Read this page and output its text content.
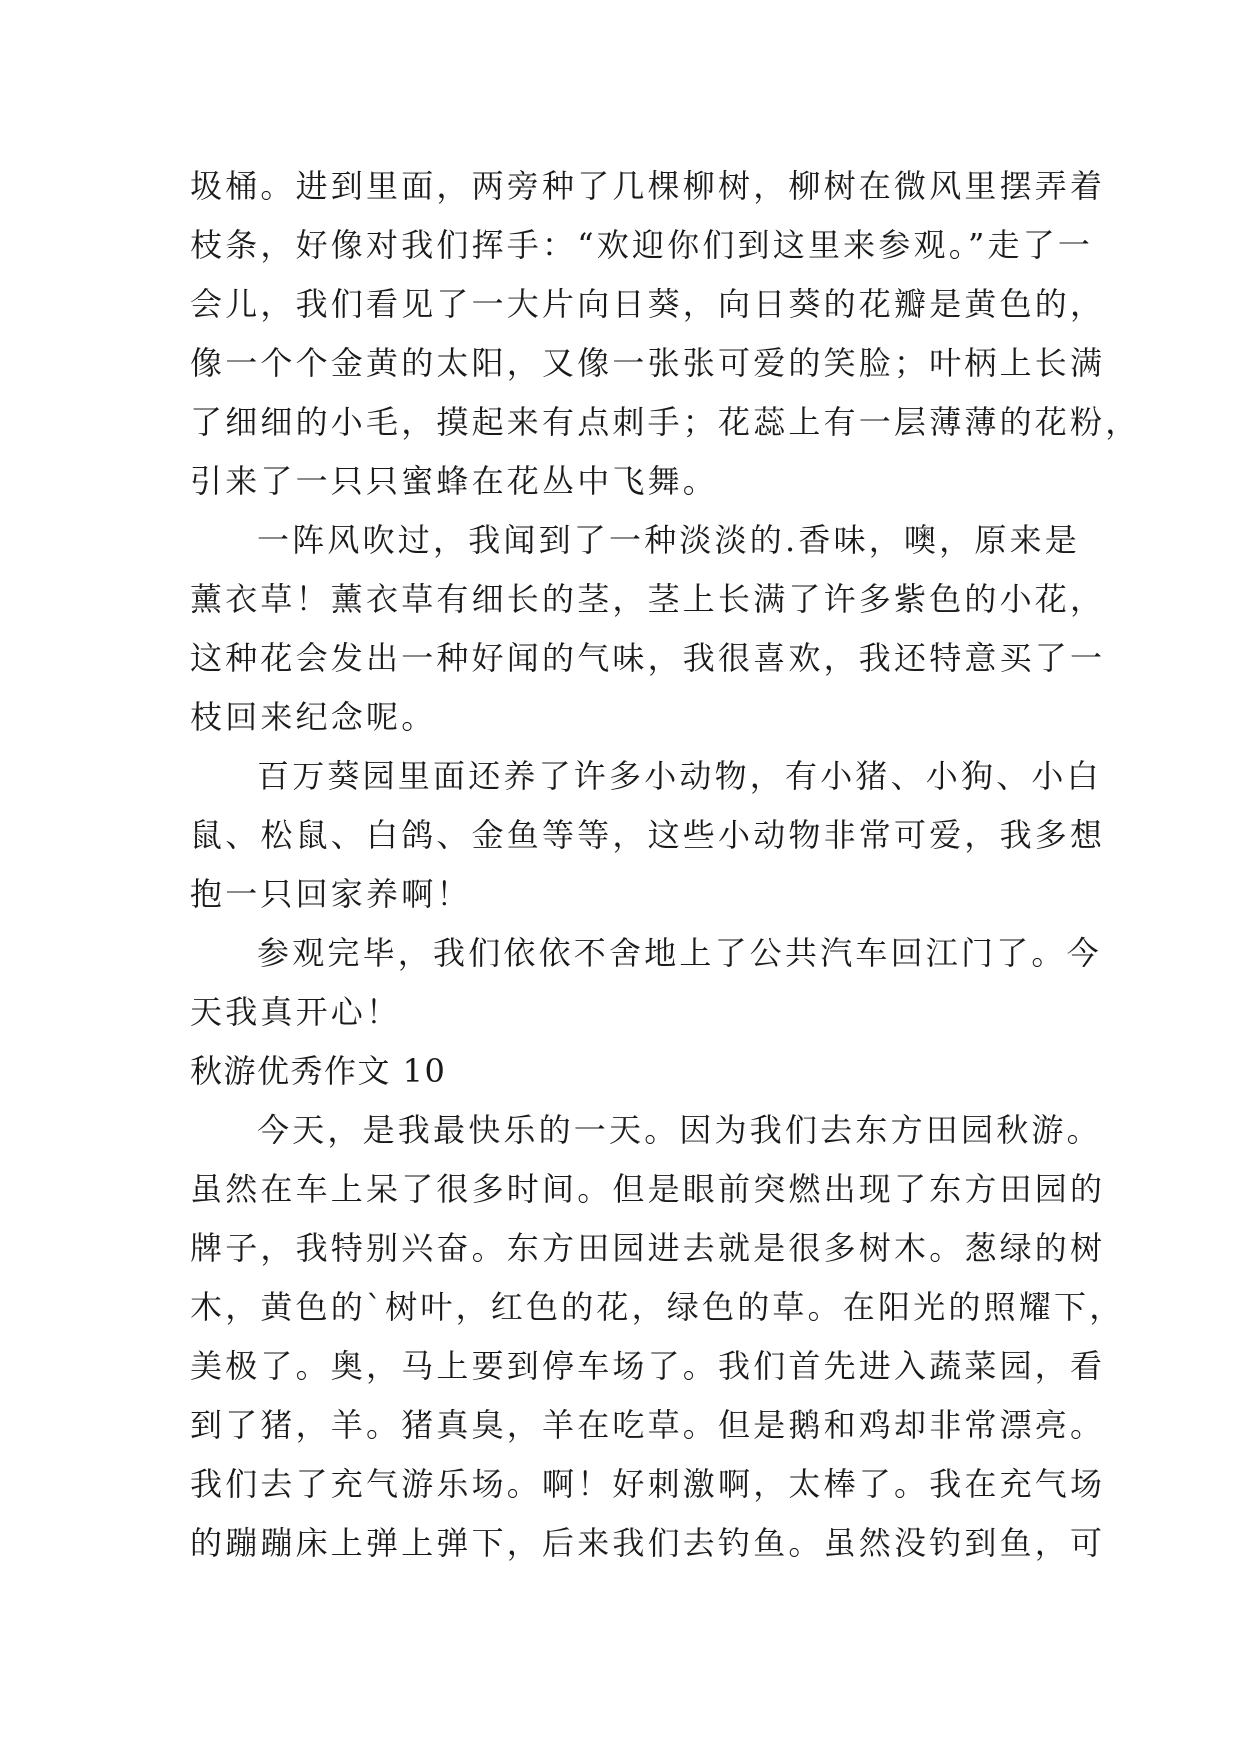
圾桶。进到里面，两旁种了几棵柳树，柳树在微风里摆弄着
枝条，好像对我们挥手：“欢迎你们到这里来参观。”走了一
会儿，我们看见了一大片向日葵，向日葵的花瓣是黄色的，
像一个个金黄的太阳，又像一张张可爱的笑脸；叶柄上长满
了细细的小毛，摸起来有点刺手；花蕊上有一层薄薄的花粉，
引来了一只只蜜蜂在花丛中飞舞。
一阵风吹过，我闻到了一种淡淡的.香味，噢，原来是
薰衣草！薰衣草有细长的茎，茎上长满了许多紫色的小花，
这种花会发出一种好闻的气味，我很喜欢，我还特意买了一
枝回来纪念呢。
百万葵园里面还养了许多小动物，有小猪、小狗、小白
鼠、松鼠、白鸽、金鱼等等，这些小动物非常可爱，我多想
抱一只回家养啊！
参观完毕，我们依依不舍地上了公共汽车回江门了。今
天我真开心！
秋游优秀作文 10
今天，是我最快乐的一天。因为我们去东方田园秋游。
虽然在车上呆了很多时间。但是眼前突燃出现了东方田园的
牌子，我特别兴奋。东方田园进去就是很多树木。葱绿的树
木，黄色的`树叶，红色的花，绿色的草。在阳光的照耀下，
美极了。奥，马上要到停车场了。我们首先进入蔬菜园，看
到了猪，羊。猪真臭，羊在吃草。但是鹅和鸡却非常漂亮。
我们去了充气游乐场。啊！好刺激啊，太棒了。我在充气场
的蹦蹦床上弹上弹下，后来我们去钓鱼。虽然没钓到鱼，可
